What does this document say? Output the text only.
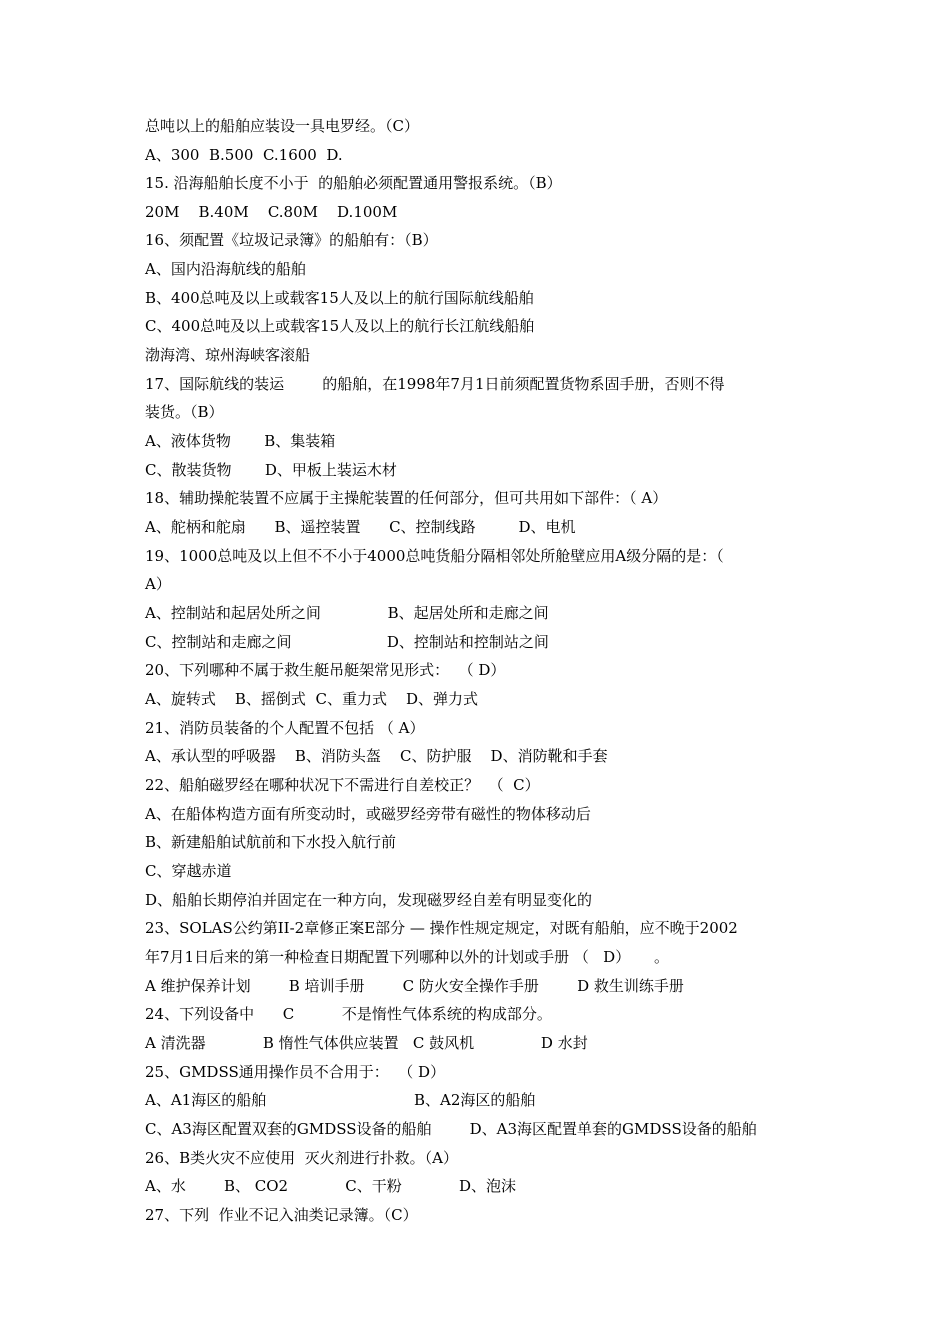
总吨以上的船舶应装设一具电罗经。（C）
A、300  B.500  C.1600  D.
15. 沿海船舶长度不小于  的船舶必须配置通用警报系统。（B）
20M    B.40M    C.80M    D.100M
16、须配置《垃圾记录簿》的船舶有：（B）
A、国内沿海航线的船舶
B、400总吨及以上或载客15人及以上的航行国际航线船舶
C、400总吨及以上或载客15人及以上的航行长江航线船舶
渤海湾、琼州海峡客滚船
17、国际航线的装运        的船舶，在1998年7月1日前须配置货物系固手册，否则不得
装货。（B）
A、液体货物       B、集装箱
C、散装货物       D、甲板上装运木材
18、辅助操舵装置不应属于主操舵装置的任何部分，但可共用如下部件：（ A）
A、舵柄和舵扇      B、遥控装置      C、控制线路         D、电机
19、1000总吨及以上但不不小于4000总吨货船分隔相邻处所舱壁应用A级分隔的是：（
A）
A、控制站和起居处所之间              B、起居处所和走廊之间
C、控制站和走廊之间                    D、控制站和控制站之间
20、下列哪种不属于救生艇吊艇架常见形式：  （ D）
A、旋转式    B、摇倒式  C、重力式    D、弹力式
21、消防员装备的个人配置不包括 （ A）
A、承认型的呼吸器    B、消防头盔    C、防护服    D、消防靴和手套
22、船舶磁罗经在哪种状况下不需进行自差校正？  （  C）
A、在船体构造方面有所变动时，或磁罗经旁带有磁性的物体移动后
B、新建船舶试航前和下水投入航行前
C、穿越赤道
D、船舶长期停泊并固定在一种方向，发现磁罗经自差有明显变化的
23、SOLAS公约第II-2章修正案E部分 — 操作性规定规定，对既有船舶，应不晚于2002
年7月1日后来的第一种检查日期配置下列哪种以外的计划或手册 （   D）     。
A 维护保养计划        B 培训手册        C 防火安全操作手册        D 救生训练手册
24、下列设备中      C          不是惰性气体系统的构成部分。
A 清洗器            B 惰性气体供应装置   C 鼓风机              D 水封
25、GMDSS通用操作员不合用于：  （ D）
A、A1海区的船舶                               B、A2海区的船舶
C、A3海区配置双套的GMDSS设备的船舶        D、A3海区配置单套的GMDSS设备的船舶
26、B类火灾不应使用  灭火剂进行扑救。（A）
A、水        B、 CO2            C、干粉            D、泡沫
27、下列  作业不记入油类记录簿。（C）
